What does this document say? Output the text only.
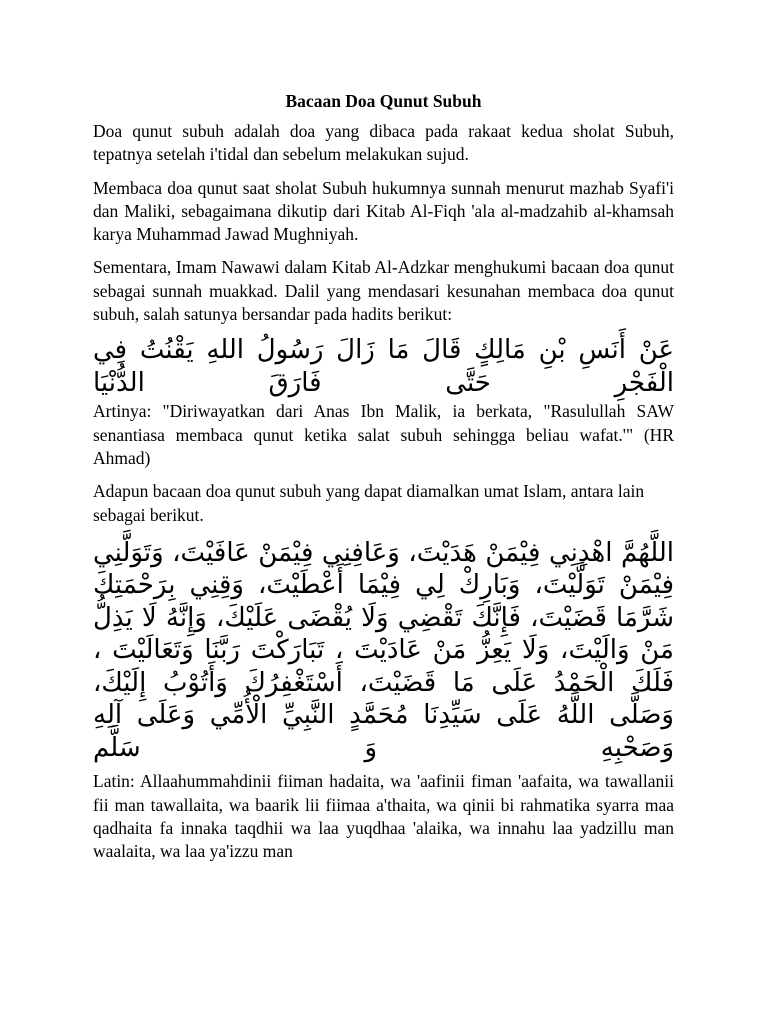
Bacaan Doa Qunut Subuh

Doa qunut subuh adalah doa yang dibaca pada rakaat kedua sholat Subuh, tepatnya setelah i'tidal dan sebelum melakukan sujud.

Membaca doa qunut saat sholat Subuh hukumnya sunnah menurut mazhab Syafi'i dan Maliki, sebagaimana dikutip dari Kitab Al-Fiqh 'ala al-madzahib al-khamsah karya Muhammad Jawad Mughniyah.

Sementara, Imam Nawawi dalam Kitab Al-Adzkar menghukumi bacaan doa qunut sebagai sunnah muakkad. Dalil yang mendasari kesunahan membaca doa qunut subuh, salah satunya bersandar pada hadits berikut:

عَنْ أَنَسِ بْنِ مَالِكٍ قَالَ مَا زَالَ رَسُولُ اللهِ يَقْنُتُ فِي الْفَجْرِ حَتَّى فَارَقَ الدُّنْيَا

Artinya: "Diriwayatkan dari Anas Ibn Malik, ia berkata, "Rasulullah SAW senantiasa membaca qunut ketika salat subuh sehingga beliau wafat.'" (HR Ahmad)

Adapun bacaan doa qunut subuh yang dapat diamalkan umat Islam, antara lain sebagai berikut.

اللَّهُمَّ اهْدِنِي فِيْمَنْ هَدَيْتَ، وَعَافِنِي فِيْمَنْ عَافَيْتَ، وَتَوَلَّنِي فِيْمَنْ تَوَلَّيْتَ، وَبَارِكْ لِي فِيْمَا أَعْطَيْتَ، وَقِنِي بِرَحْمَتِكَ شَرَّمَا قَضَيْتَ، فَإِنَّكَ تَقْضِي وَلَا يُقْضَى عَلَيْكَ، وَإِنَّهُ لَا يَذِلُّ مَنْ وَالَيْتَ، وَلَا يَعِزُّ مَنْ عَادَيْتَ ، تَبَارَكْتَ رَبَّنَا وَتَعَالَيْتَ ، فَلَكَ الْحَمْدُ عَلَى مَا قَضَيْتَ، أَسْتَغْفِرُكَ وَأَتُوْبُ إِلَيْكَ، وَصَلَّى اللَّهُ عَلَى سَيِّدِنَا مُحَمَّدٍ النَّبِيِّ الْأُمِّي وَعَلَى آلِهِ وَصَحْبِهِ وَ سَلَّم

Latin: Allaahummahdinii fiiman hadaita, wa 'aafinii fiman 'aafaita, wa tawallanii fii man tawallaita, wa baarik lii fiimaa a'thaita, wa qinii bi rahmatika syarra maa qadhaita fa innaka taqdhii wa laa yuqdhaa 'alaika, wa innahu laa yadzillu man waalaita, wa laa ya'izzu man
